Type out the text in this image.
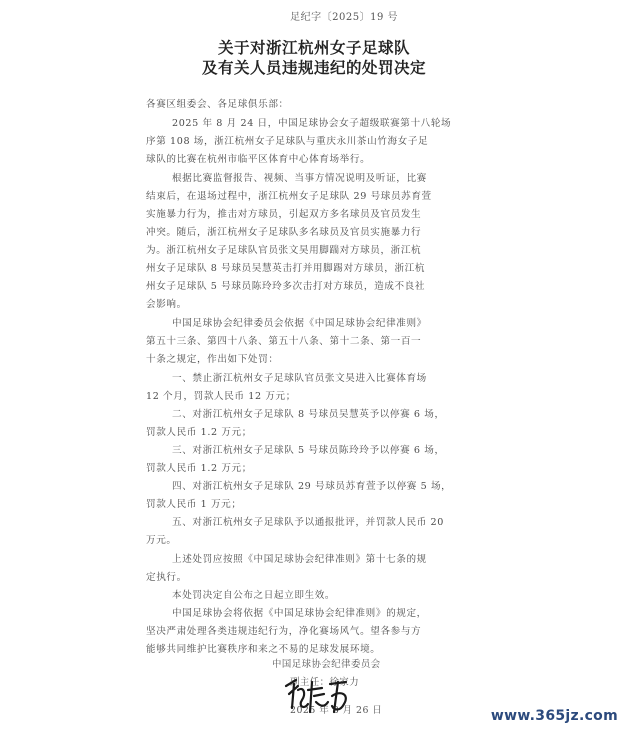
足纪字〔2025〕19 号
关于对浙江杭州女子足球队
及有关人员违规违纪的处罚决定
各赛区组委会、各足球俱乐部：
2025 年 8 月 24 日，中国足球协会女子超级联赛第十八轮场
序第 108 场，浙江杭州女子足球队与重庆永川茶山竹海女子足
球队的比赛在杭州市临平区体育中心体育场举行。
根据比赛监督报告、视频、当事方情况说明及听证，比赛
结束后，在退场过程中，浙江杭州女子足球队 29 号球员苏育萱
实施暴力行为，推击对方球员，引起双方多名球员及官员发生
冲突。随后，浙江杭州女子足球队多名球员及官员实施暴力行
为。浙江杭州女子足球队官员张文昊用脚踹对方球员，浙江杭
州女子足球队 8 号球员吴慧英击打并用脚踢对方球员，浙江杭
州女子足球队 5 号球员陈玲玲多次击打对方球员，造成不良社
会影响。
中国足球协会纪律委员会依据《中国足球协会纪律准则》
第五十三条、第四十八条、第五十八条、第十二条、第一百一
十条之规定，作出如下处罚：
一、禁止浙江杭州女子足球队官员张文昊进入比赛体育场
12 个月，罚款人民币 12 万元；
二、对浙江杭州女子足球队 8 号球员吴慧英予以停赛 6 场，
罚款人民币 1.2 万元；
三、对浙江杭州女子足球队 5 号球员陈玲玲予以停赛 6 场，
罚款人民币 1.2 万元；
四、对浙江杭州女子足球队 29 号球员苏育萱予以停赛 5 场，
罚款人民币 1 万元；
五、对浙江杭州女子足球队予以通报批评，并罚款人民币 20
万元。
上述处罚应按照《中国足球协会纪律准则》第十七条的规
定执行。
本处罚决定自公布之日起立即生效。
中国足球协会将依据《中国足球协会纪律准则》的规定，
坚决严肃处理各类违规违纪行为，净化赛场风气。望各参与方
能够共同维护比赛秩序和来之不易的足球发展环境。
中国足球协会纪律委员会
副主任：徐家力
2025 年 8 月 26 日	www.365jz.com
